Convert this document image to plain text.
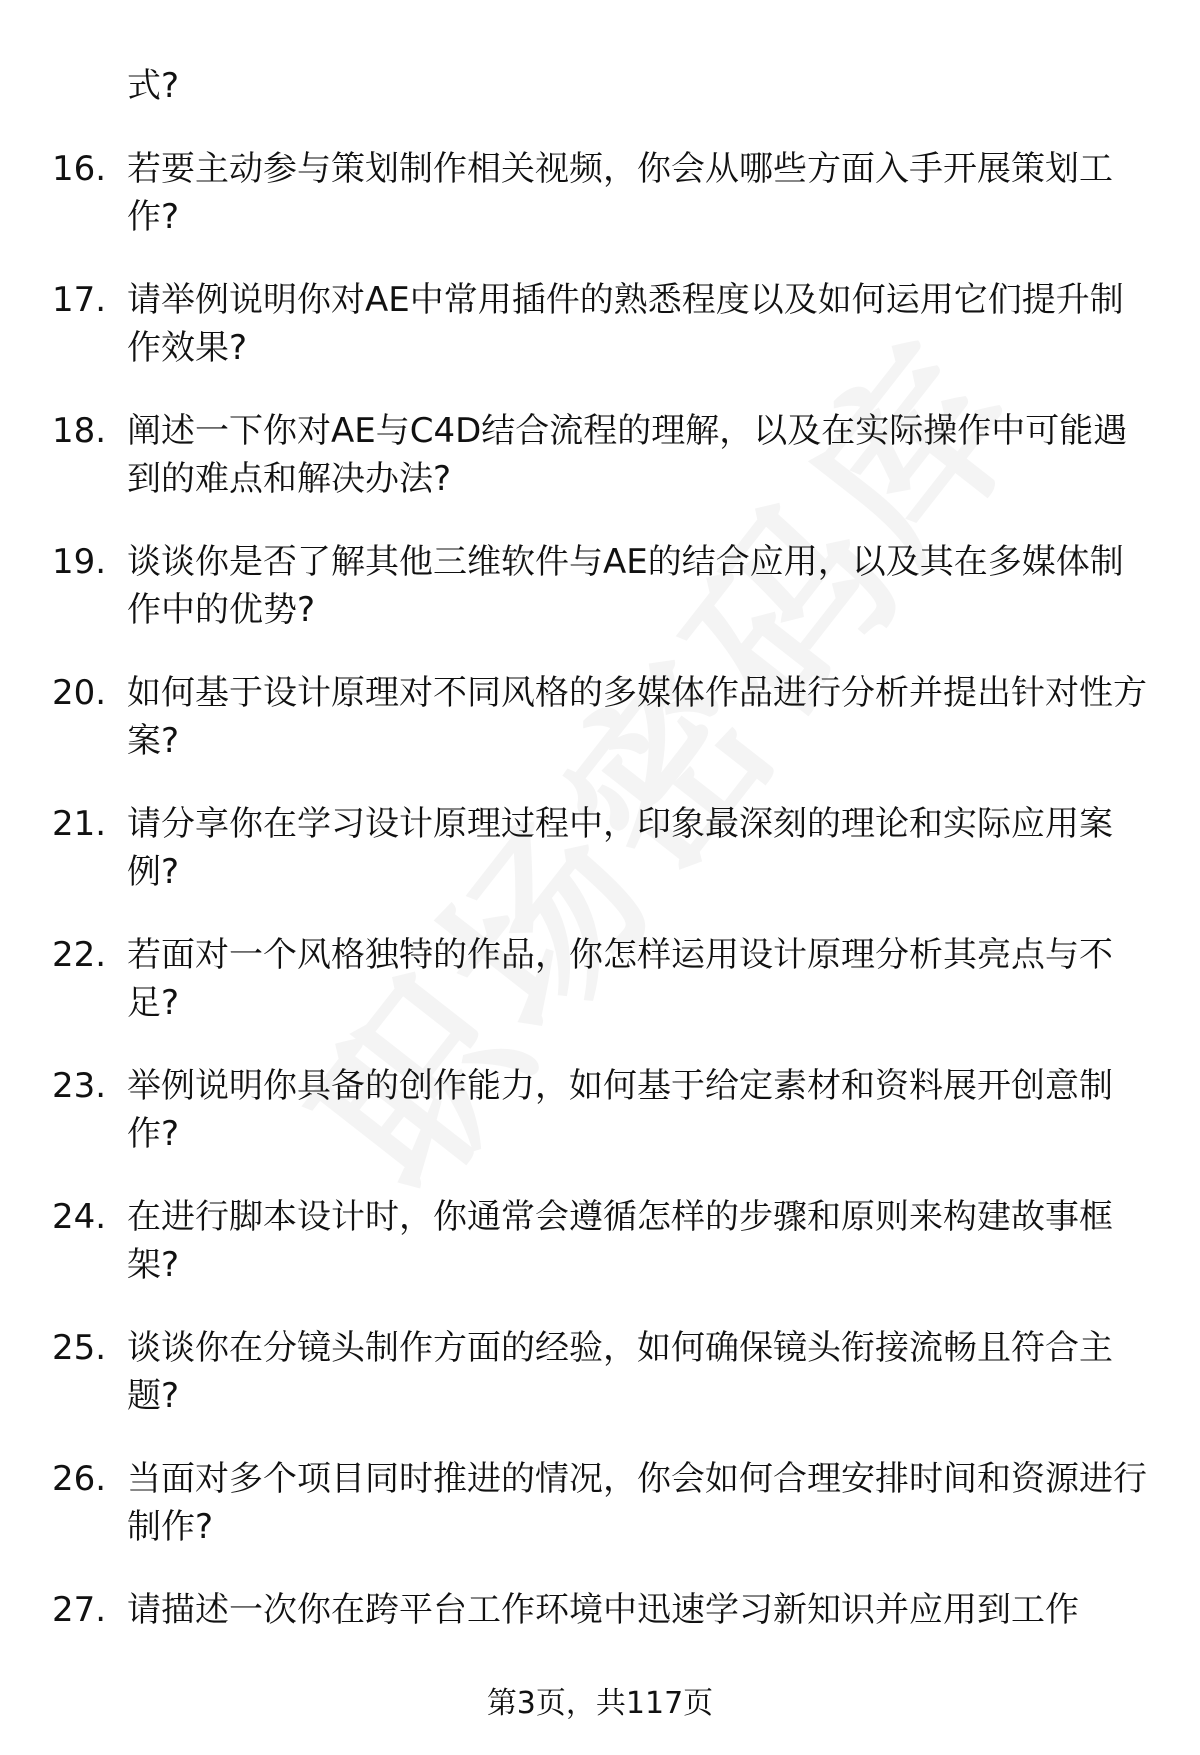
式?
16. 若要主动参与策划制作相关视频，你会从哪些方面入手开展策划工作?
17. 请举例说明你对AE中常用插件的熟悉程度以及如何运用它们提升制作效果?
18. 阐述一下你对AE与C4D结合流程的理解，以及在实际操作中可能遇到的难点和解决办法?
19. 谈谈你是否了解其他三维软件与AE的结合应用，以及其在多媒体制作中的优势?
20. 如何基于设计原理对不同风格的多媒体作品进行分析并提出针对性方案?
21. 请分享你在学习设计原理过程中，印象最深刻的理论和实际应用案例?
22. 若面对一个风格独特的作品，你怎样运用设计原理分析其亮点与不足?
23. 举例说明你具备的创作能力，如何基于给定素材和资料展开创意制作?
24. 在进行脚本设计时，你通常会遵循怎样的步骤和原则来构建故事框架?
25. 谈谈你在分镜头制作方面的经验，如何确保镜头衔接流畅且符合主题?
26. 当面对多个项目同时推进的情况，你会如何合理安排时间和资源进行制作?
27. 请描述一次你在跨平台工作环境中迅速学习新知识并应用到工作
第3页，共117页
